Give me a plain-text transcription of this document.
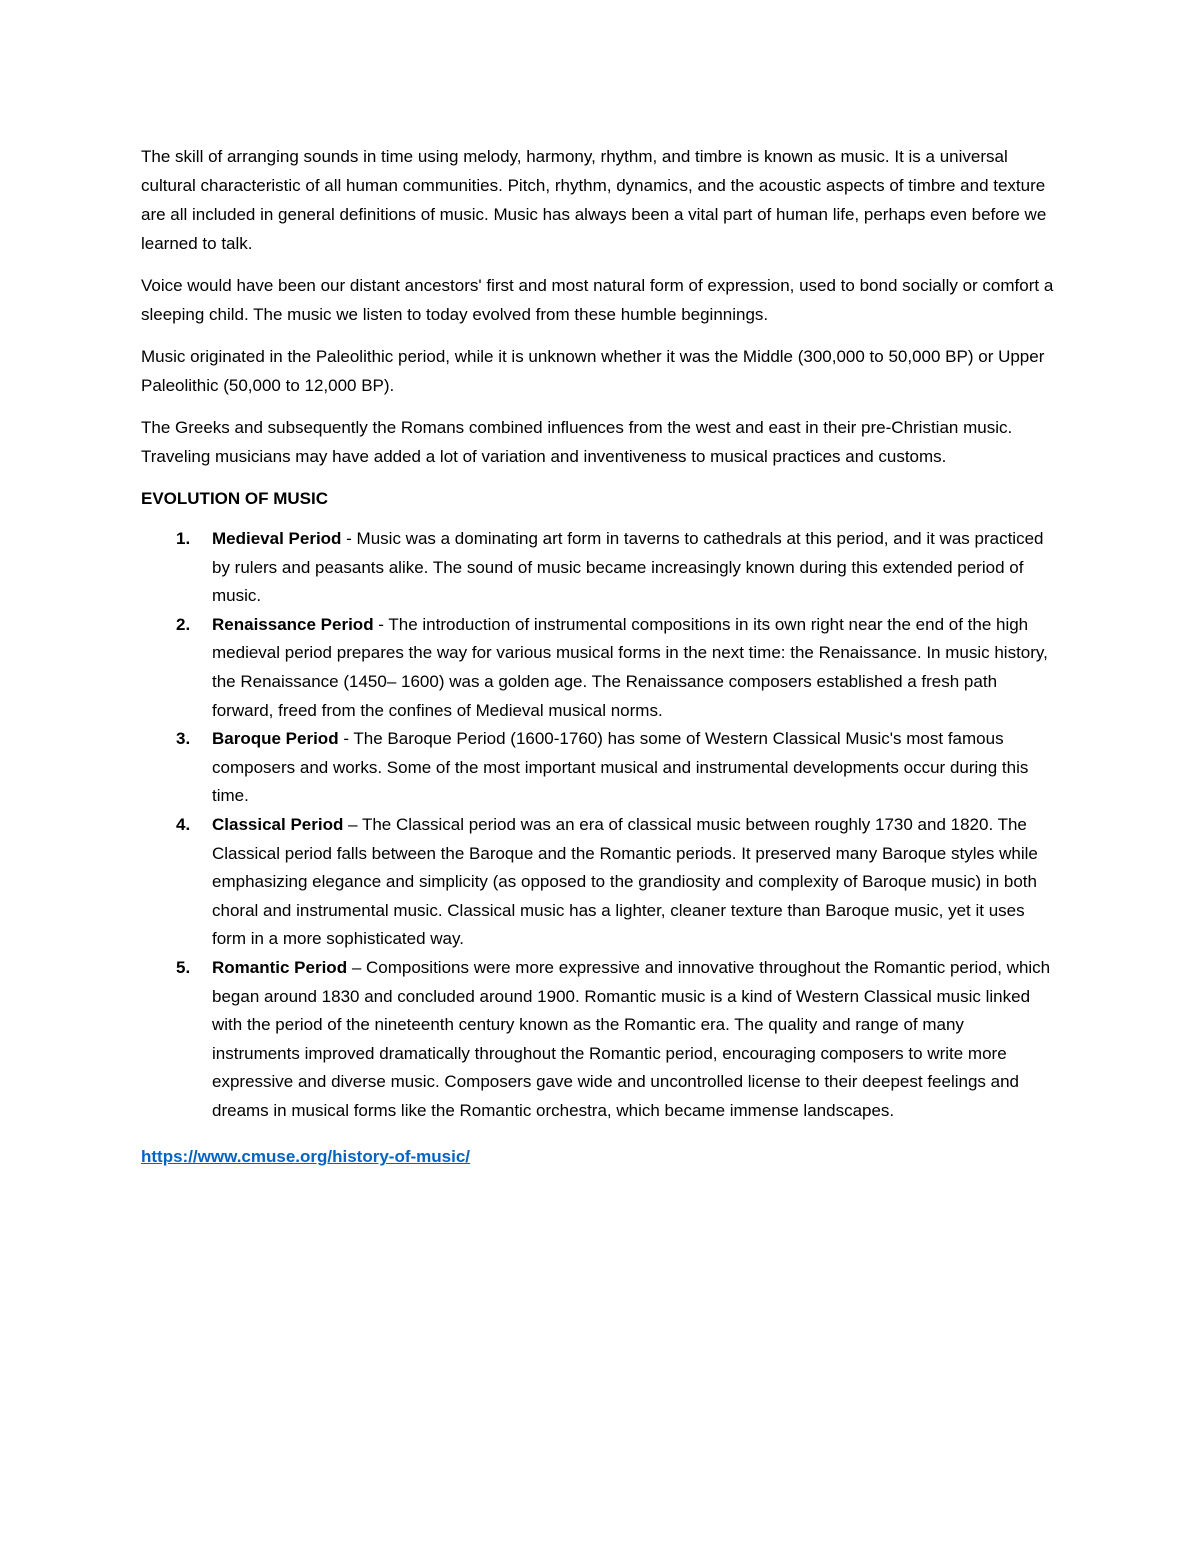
The skill of arranging sounds in time using melody, harmony, rhythm, and timbre is known as music. It is a universal cultural characteristic of all human communities. Pitch, rhythm, dynamics, and the acoustic aspects of timbre and texture are all included in general definitions of music. Music has always been a vital part of human life, perhaps even before we learned to talk.

Voice would have been our distant ancestors' first and most natural form of expression, used to bond socially or comfort a sleeping child. The music we listen to today evolved from these humble beginnings.

Music originated in the Paleolithic period, while it is unknown whether it was the Middle (300,000 to 50,000 BP) or Upper Paleolithic (50,000 to 12,000 BP).

The Greeks and subsequently the Romans combined influences from the west and east in their pre-Christian music. Traveling musicians may have added a lot of variation and inventiveness to musical practices and customs.

EVOLUTION OF MUSIC
1. Medieval Period - Music was a dominating art form in taverns to cathedrals at this period, and it was practiced by rulers and peasants alike. The sound of music became increasingly known during this extended period of music.
2. Renaissance Period - The introduction of instrumental compositions in its own right near the end of the high medieval period prepares the way for various musical forms in the next time: the Renaissance. In music history, the Renaissance (1450– 1600) was a golden age. The Renaissance composers established a fresh path forward, freed from the confines of Medieval musical norms.
3. Baroque Period - The Baroque Period (1600-1760) has some of Western Classical Music's most famous composers and works. Some of the most important musical and instrumental developments occur during this time.
4. Classical Period – The Classical period was an era of classical music between roughly 1730 and 1820. The Classical period falls between the Baroque and the Romantic periods. It preserved many Baroque styles while emphasizing elegance and simplicity (as opposed to the grandiosity and complexity of Baroque music) in both choral and instrumental music. Classical music has a lighter, cleaner texture than Baroque music, yet it uses form in a more sophisticated way.
5. Romantic Period – Compositions were more expressive and innovative throughout the Romantic period, which began around 1830 and concluded around 1900. Romantic music is a kind of Western Classical music linked with the period of the nineteenth century known as the Romantic era. The quality and range of many instruments improved dramatically throughout the Romantic period, encouraging composers to write more expressive and diverse music. Composers gave wide and uncontrolled license to their deepest feelings and dreams in musical forms like the Romantic orchestra, which became immense landscapes.
https://www.cmuse.org/history-of-music/
